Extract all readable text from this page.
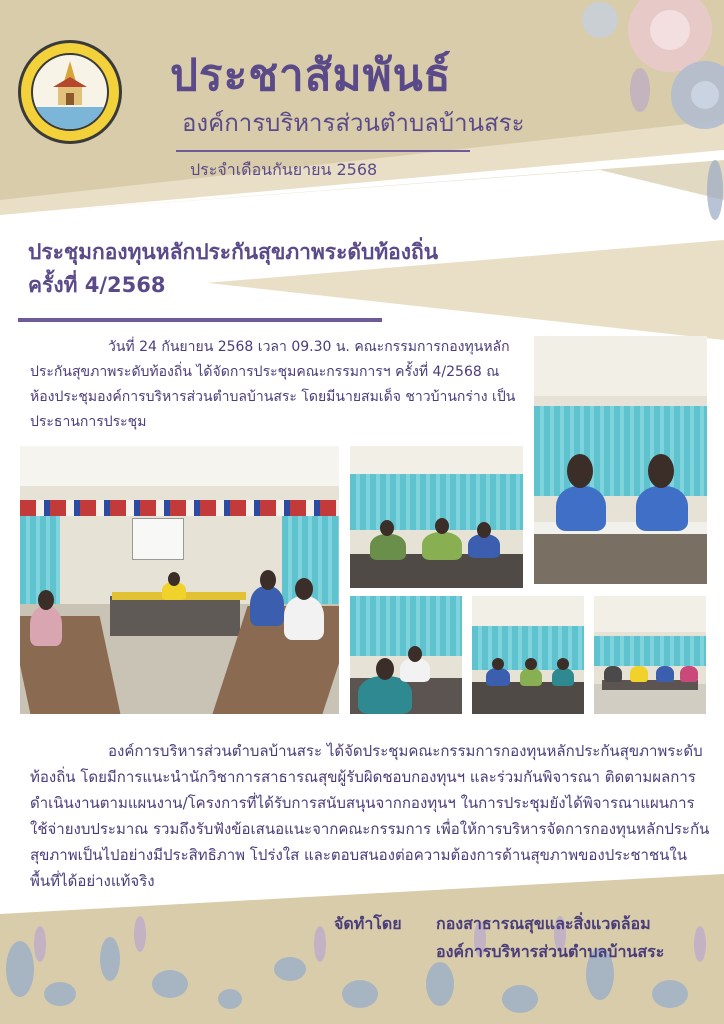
ประชาสัมพันธ์
องค์การบริหารส่วนตำบลบ้านสระ
ประจำเดือนกันยายน 2568
ประชุมกองทุนหลักประกันสุขภาพระดับท้องถิ่น
ครั้งที่ 4/2568
วันที่ 24 กันยายน 2568 เวลา 09.30 น. คณะกรรมการกองทุนหลักประกันสุขภาพระดับท้องถิ่น ได้จัดการประชุมคณะกรรมการฯ ครั้งที่ 4/2568 ณ ห้องประชุมองค์การบริหารส่วนตำบลบ้านสระ โดยมีนายสมเด็จ ชาวบ้านกร่าง เป็นประธานการประชุม
องค์การบริหารส่วนตำบลบ้านสระ ได้จัดประชุมคณะกรรมการกองทุนหลักประกันสุขภาพระดับท้องถิ่น โดยมีการแนะนำนักวิชาการสาธารณสุขผู้รับผิดชอบกองทุนฯ และร่วมกันพิจารณา ติดตามผลการดำเนินงานตามแผนงาน/โครงการที่ได้รับการสนับสนุนจากกองทุนฯ ในการประชุมยังได้พิจารณาแผนการใช้จ่ายงบประมาณ รวมถึงรับฟังข้อเสนอแนะจากคณะกรรมการ เพื่อให้การบริหารจัดการกองทุนหลักประกันสุขภาพเป็นไปอย่างมีประสิทธิภาพ โปร่งใส และตอบสนองต่อความต้องการด้านสุขภาพของประชาชนในพื้นที่ได้อย่างแท้จริง
จัดทำโดย กองสาธารณสุขและสิ่งแวดล้อม
องค์การบริหารส่วนตำบลบ้านสระ
